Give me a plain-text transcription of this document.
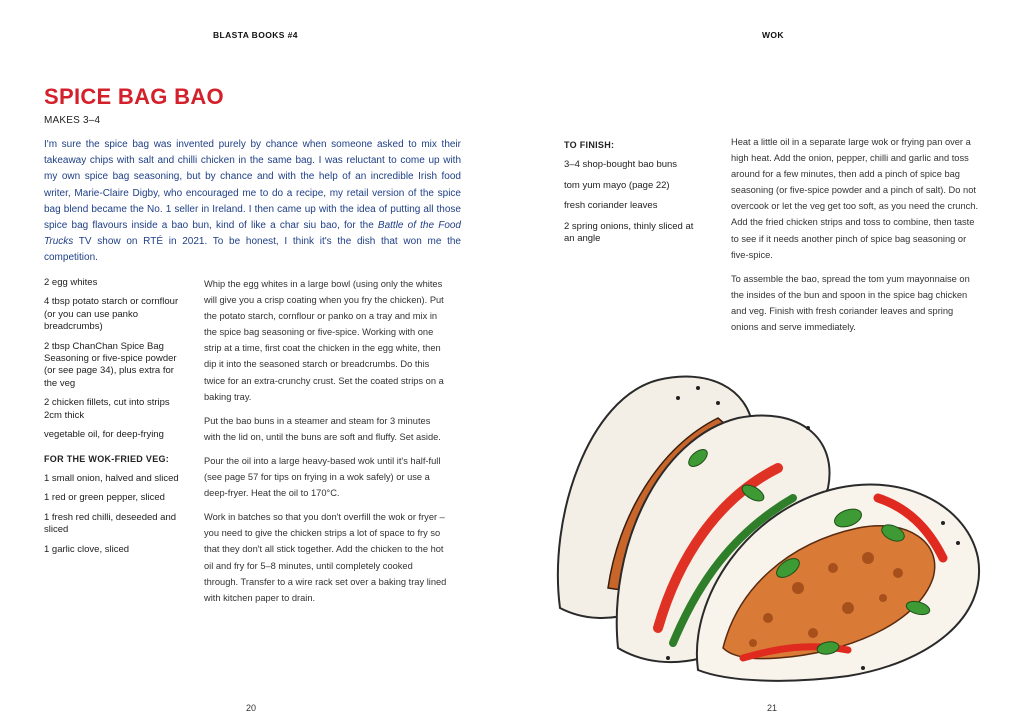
BLASTA BOOKS #4
SPICE BAG BAO
MAKES 3–4

I'm sure the spice bag was invented purely by chance when someone asked to mix their takeaway chips with salt and chilli chicken in the same bag. I was reluctant to come up with my own spice bag seasoning, but by chance and with the help of an incredible Irish food writer, Marie-Claire Digby, who encouraged me to do a recipe, my retail version of the spice bag blend became the No. 1 seller in Ireland. I then came up with the idea of putting all those spice bag flavours inside a bao bun, kind of like a char siu bao, for the Battle of the Food Trucks TV show on RTÉ in 2021. To be honest, I think it's the dish that won me the competition.

2 egg whites
4 tbsp potato starch or cornflour (or you can use panko breadcrumbs)
2 tbsp ChanChan Spice Bag Seasoning or five-spice powder (or see page 34), plus extra for the veg
2 chicken fillets, cut into strips 2cm thick
vegetable oil, for deep-frying
FOR THE WOK-FRIED VEG:
1 small onion, halved and sliced
1 red or green pepper, sliced
1 fresh red chilli, deseeded and sliced
1 garlic clove, sliced

Whip the egg whites in a large bowl (using only the whites will give you a crisp coating when you fry the chicken). Put the potato starch, cornflour or panko on a tray and mix in the spice bag seasoning or five-spice. Working with one strip at a time, first coat the chicken in the egg white, then dip it into the seasoned starch or breadcrumbs. Do this twice for an extra-crunchy crust. Set the coated strips on a baking tray.

Put the bao buns in a steamer and steam for 3 minutes with the lid on, until the buns are soft and fluffy. Set aside.

Pour the oil into a large heavy-based wok until it's half-full (see page 57 for tips on frying in a wok safely) or use a deep-fryer. Heat the oil to 170°C.

Work in batches so that you don't overfill the wok or fryer – you need to give the chicken strips a lot of space to fry so that they don't all stick together. Add the chicken to the hot oil and fry for 5–8 minutes, until completely cooked through. Transfer to a wire rack set over a baking tray lined with kitchen paper to drain.

20
WOK
TO FINISH:
3–4 shop-bought bao buns
tom yum mayo (page 22)
fresh coriander leaves
2 spring onions, thinly sliced at an angle

Heat a little oil in a separate large wok or frying pan over a high heat. Add the onion, pepper, chilli and garlic and toss around for a few minutes, then add a pinch of spice bag seasoning (or five-spice powder and a pinch of salt). Do not overcook or let the veg get too soft, as you need the crunch. Add the fried chicken strips and toss to combine, then taste to see if it needs another pinch of spice bag seasoning or five-spice.

To assemble the bao, spread the tom yum mayonnaise on the insides of the bun and spoon in the spice bag chicken and veg. Finish with fresh coriander leaves and spring onions and serve immediately.

21
